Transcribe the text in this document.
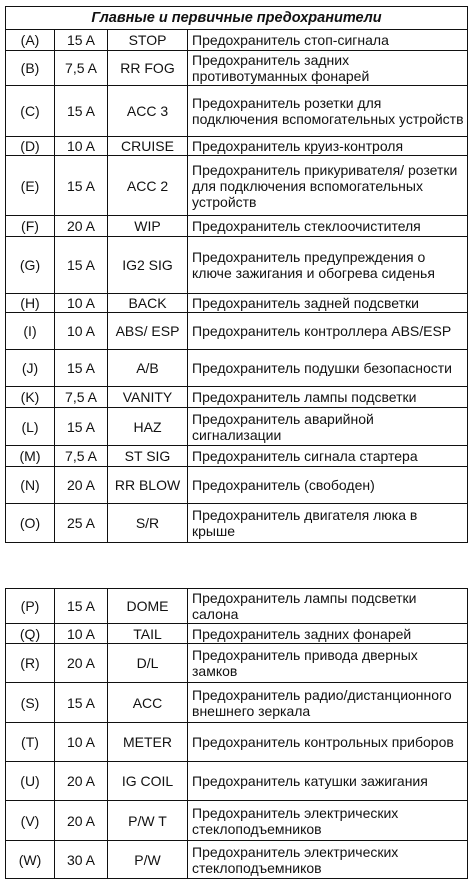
Главные и первичные предохранители			
(A)	15 A	STOP	Предохранитель стоп-сигнала
(B)	7,5 A	RR FOG	Предохранитель задних противотуманных фонарей
(C)	15 A	ACC 3	Предохранитель розетки для подключения вспомогательных устройств
(D)	10 A	CRUISE	Предохранитель круиз-контроля
(E)	15 A	ACC 2	Предохранитель прикуривателя/ розетки для подключения вспомогательных устройств
(F)	20 A	WIP	Предохранитель стеклоочистителя
(G)	15 A	IG2 SIG	Предохранитель предупреждения о ключе зажигания и обогрева сиденья
(H)	10 A	BACK	Предохранитель задней подсветки
(I)	10 A	ABS/ ESP	Предохранитель контроллера ABS/ESP
(J)	15 A	A/B	Предохранитель подушки безопасности
(K)	7,5 A	VANITY	Предохранитель лампы подсветки
(L)	15 A	HAZ	Предохранитель аварийной сигнализации
(M)	7,5 A	ST SIG	Предохранитель сигнала стартера
(N)	20 A	RR BLOW	Предохранитель (свободен)
(O)	25 A	S/R	Предохранитель двигателя люка в крыше
(P)	15 A	DOME	Предохранитель лампы подсветки салона
(Q)	10 A	TAIL	Предохранитель задних фонарей
(R)	20 A	D/L	Предохранитель привода дверных замков
(S)	15 A	ACC	Предохранитель радио/дистанционного внешнего зеркала
(T)	10 A	METER	Предохранитель контрольных приборов
(U)	20 A	IG COIL	Предохранитель катушки зажигания
(V)	20 A	P/W T	Предохранитель электрических стеклоподъемников
(W)	30 A	P/W	Предохранитель электрических стеклоподъемников
